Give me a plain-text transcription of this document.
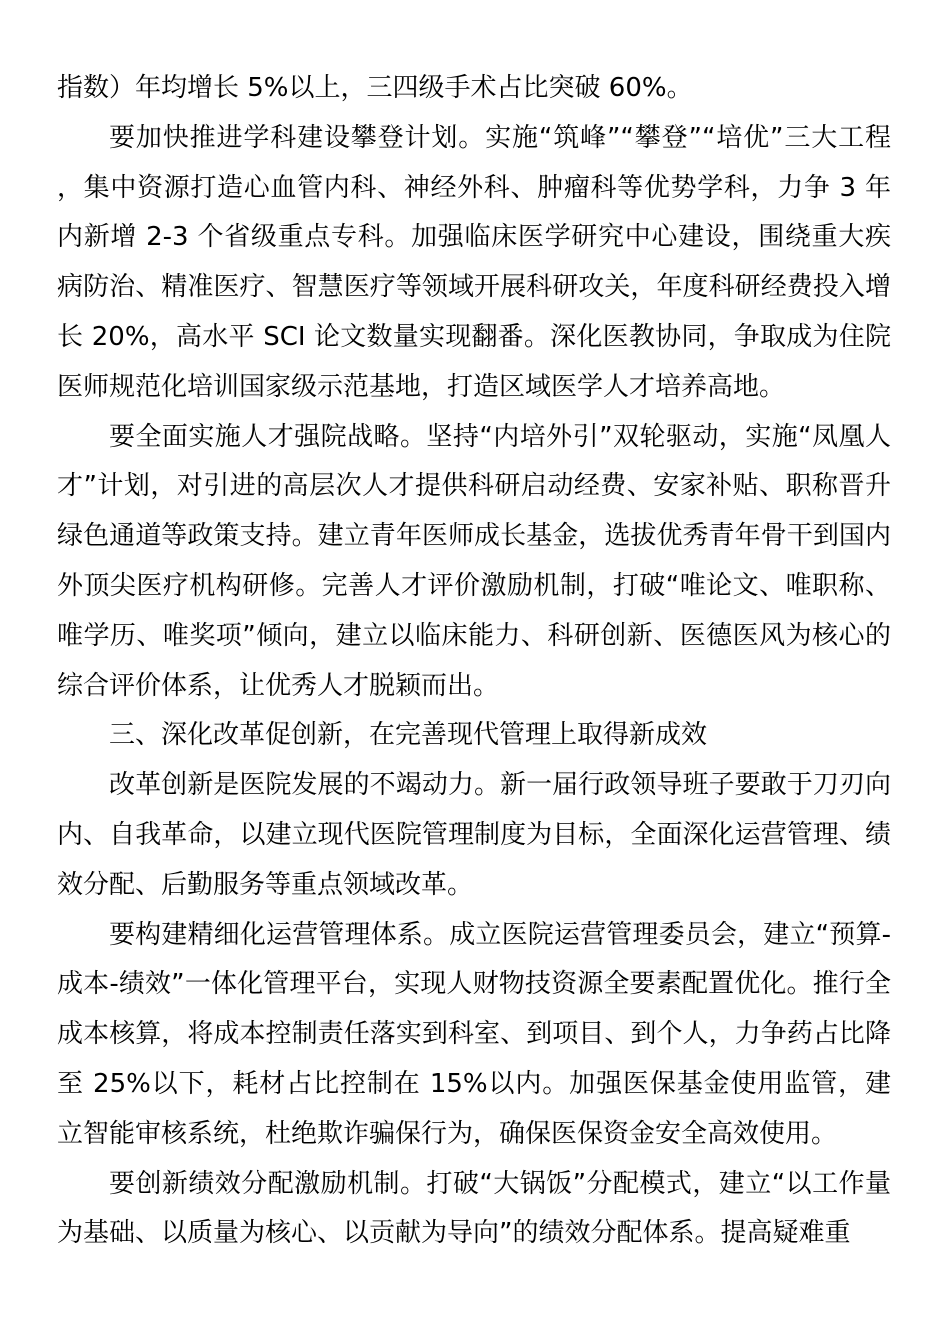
指数）年均增长 5%以上，三四级手术占比突破 60%。

要加快推进学科建设攀登计划。实施“筑峰”“攀登”“培优”三大工程，集中资源打造心血管内科、神经外科、肿瘤科等优势学科，力争 3 年内新增 2-3 个省级重点专科。加强临床医学研究中心建设，围绕重大疾病防治、精准医疗、智慧医疗等领域开展科研攻关，年度科研经费投入增长 20%，高水平 SCI 论文数量实现翻番。深化医教协同，争取成为住院医师规范化培训国家级示范基地，打造区域医学人才培养高地。

要全面实施人才强院战略。坚持“内培外引”双轮驱动，实施“凤凰人才”计划，对引进的高层次人才提供科研启动经费、安家补贴、职称晋升绿色通道等政策支持。建立青年医师成长基金，选拔优秀青年骨干到国内外顶尖医疗机构研修。完善人才评价激励机制，打破“唯论文、唯职称、唯学历、唯奖项”倾向，建立以临床能力、科研创新、医德医风为核心的综合评价体系，让优秀人才脱颖而出。

三、深化改革促创新，在完善现代管理上取得新成效

改革创新是医院发展的不竭动力。新一届行政领导班子要敢于刀刃向内、自我革命，以建立现代医院管理制度为目标，全面深化运营管理、绩效分配、后勤服务等重点领域改革。

要构建精细化运营管理体系。成立医院运营管理委员会，建立“预算-成本-绩效”一体化管理平台，实现人财物技资源全要素配置优化。推行全成本核算，将成本控制责任落实到科室、到项目、到个人，力争药占比降至 25%以下，耗材占比控制在 15%以内。加强医保基金使用监管，建立智能审核系统，杜绝欺诈骗保行为，确保医保资金安全高效使用。

要创新绩效分配激励机制。打破“大锅饭”分配模式，建立“以工作量为基础、以质量为核心、以贡献为导向”的绩效分配体系。提高疑难重
